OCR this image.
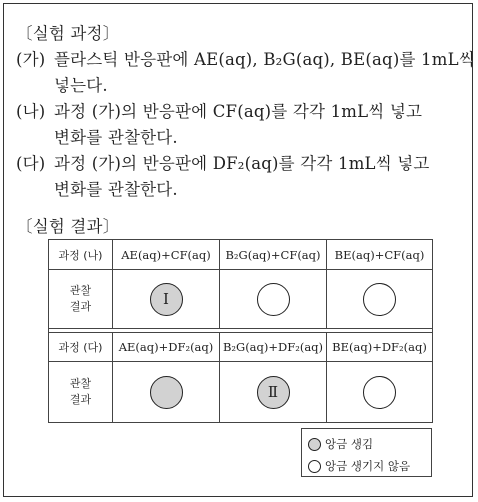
〔실험 과정〕
(가) 플라스틱 반응판에 AE(aq), B₂G(aq), BE(aq)를 1mL씩
넣는다.
(나) 과정 (가)의 반응판에 CF(aq)를 각각 1mL씩 넣고
변화를 관찰한다.
(다) 과정 (가)의 반응판에 DF₂(aq)를 각각 1mL씩 넣고
변화를 관찰한다.
〔실험 결과〕
과정 (나)	AE(aq)+CF(aq)	B₂G(aq)+CF(aq)	BE(aq)+CF(aq)
관찰
결과	Ⅰ		

과정 (다)	AE(aq)+DF₂(aq)	B₂G(aq)+DF₂(aq)	BE(aq)+DF₂(aq)
관찰
결과		Ⅱ	

앙금 생김
앙금 생기지 않음
